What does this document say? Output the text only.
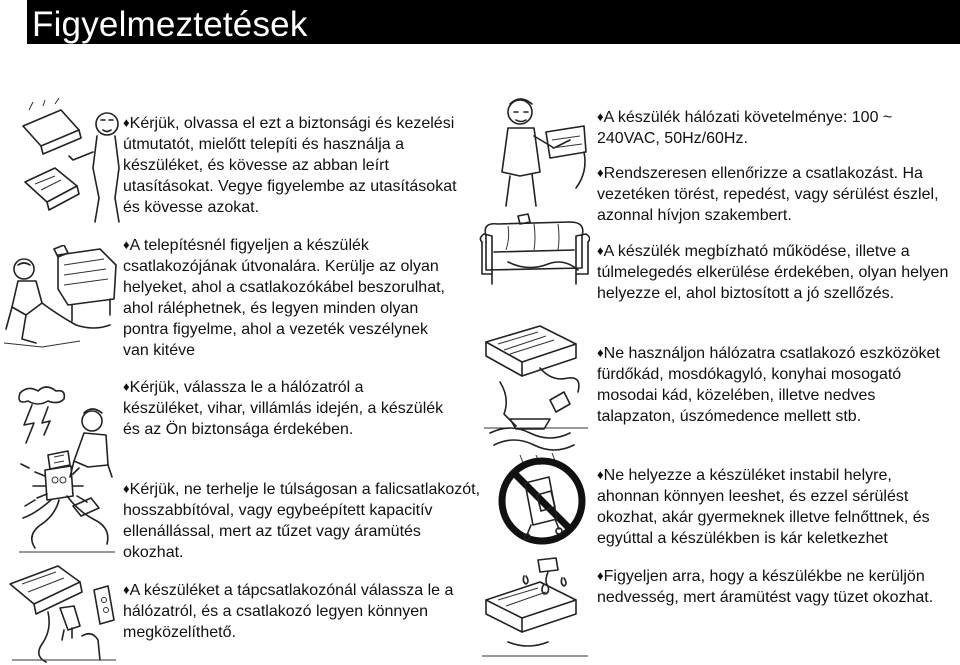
Figyelmeztetések
♦Kérjük, olvassa el ezt a biztonsági és kezelési útmutatót, mielőtt telepíti és használja a készüléket, és kövesse az abban leírt utasításokat. Vegye figyelembe az utasításokat és kövesse azokat.
♦A telepítésnél figyeljen a készülék csatlakozójának útvonalára. Kerülje az olyan helyeket, ahol a csatlakozókábel beszorulhat, ahol ráléphetnek, és legyen minden olyan pontra figyelme, ahol a vezeték veszélynek van kitéve
♦Kérjük, válassza le a hálózatról a készüléket, vihar, villámlás idején, a készülék és az Ön biztonsága érdekében.
♦Kérjük, ne terhelje le túlságosan a falicsatlakozót, hosszabbítóval, vagy egybeépített kapacitív ellenállással, mert az tűzet vagy áramütés okozhat.
♦A készüléket a tápcsatlakozónál válassza le a hálózatról, és a csatlakozó legyen könnyen megközelíthető.
♦A készülék hálózati követelménye: 100 ~ 240VAC, 50Hz/60Hz.
♦Rendszeresen ellenőrizze a csatlakozást. Ha vezetéken törést, repedést, vagy sérülést észlel, azonnal hívjon szakembert.
♦A készülék megbízható működése, illetve a túlmelegedés elkerülése érdekében, olyan helyen helyezze el, ahol biztosított a jó szellőzés.
♦Ne használjon hálózatra csatlakozó eszközöket fürdőkád, mosdókagyló, konyhai mosogató mosodai kád, közelében, illetve nedves talapzaton, úszómedence mellett stb.
♦Ne helyezze a készüléket instabil helyre, ahonnan könnyen leeshet, és ezzel sérülést okozhat, akár gyermeknek illetve felnőttnek, és egyúttal a készülékben is kár keletkezhet
♦Figyeljen arra, hogy a készülékbe ne kerüljön nedvesség, mert áramütést vagy tüzet okozhat.
